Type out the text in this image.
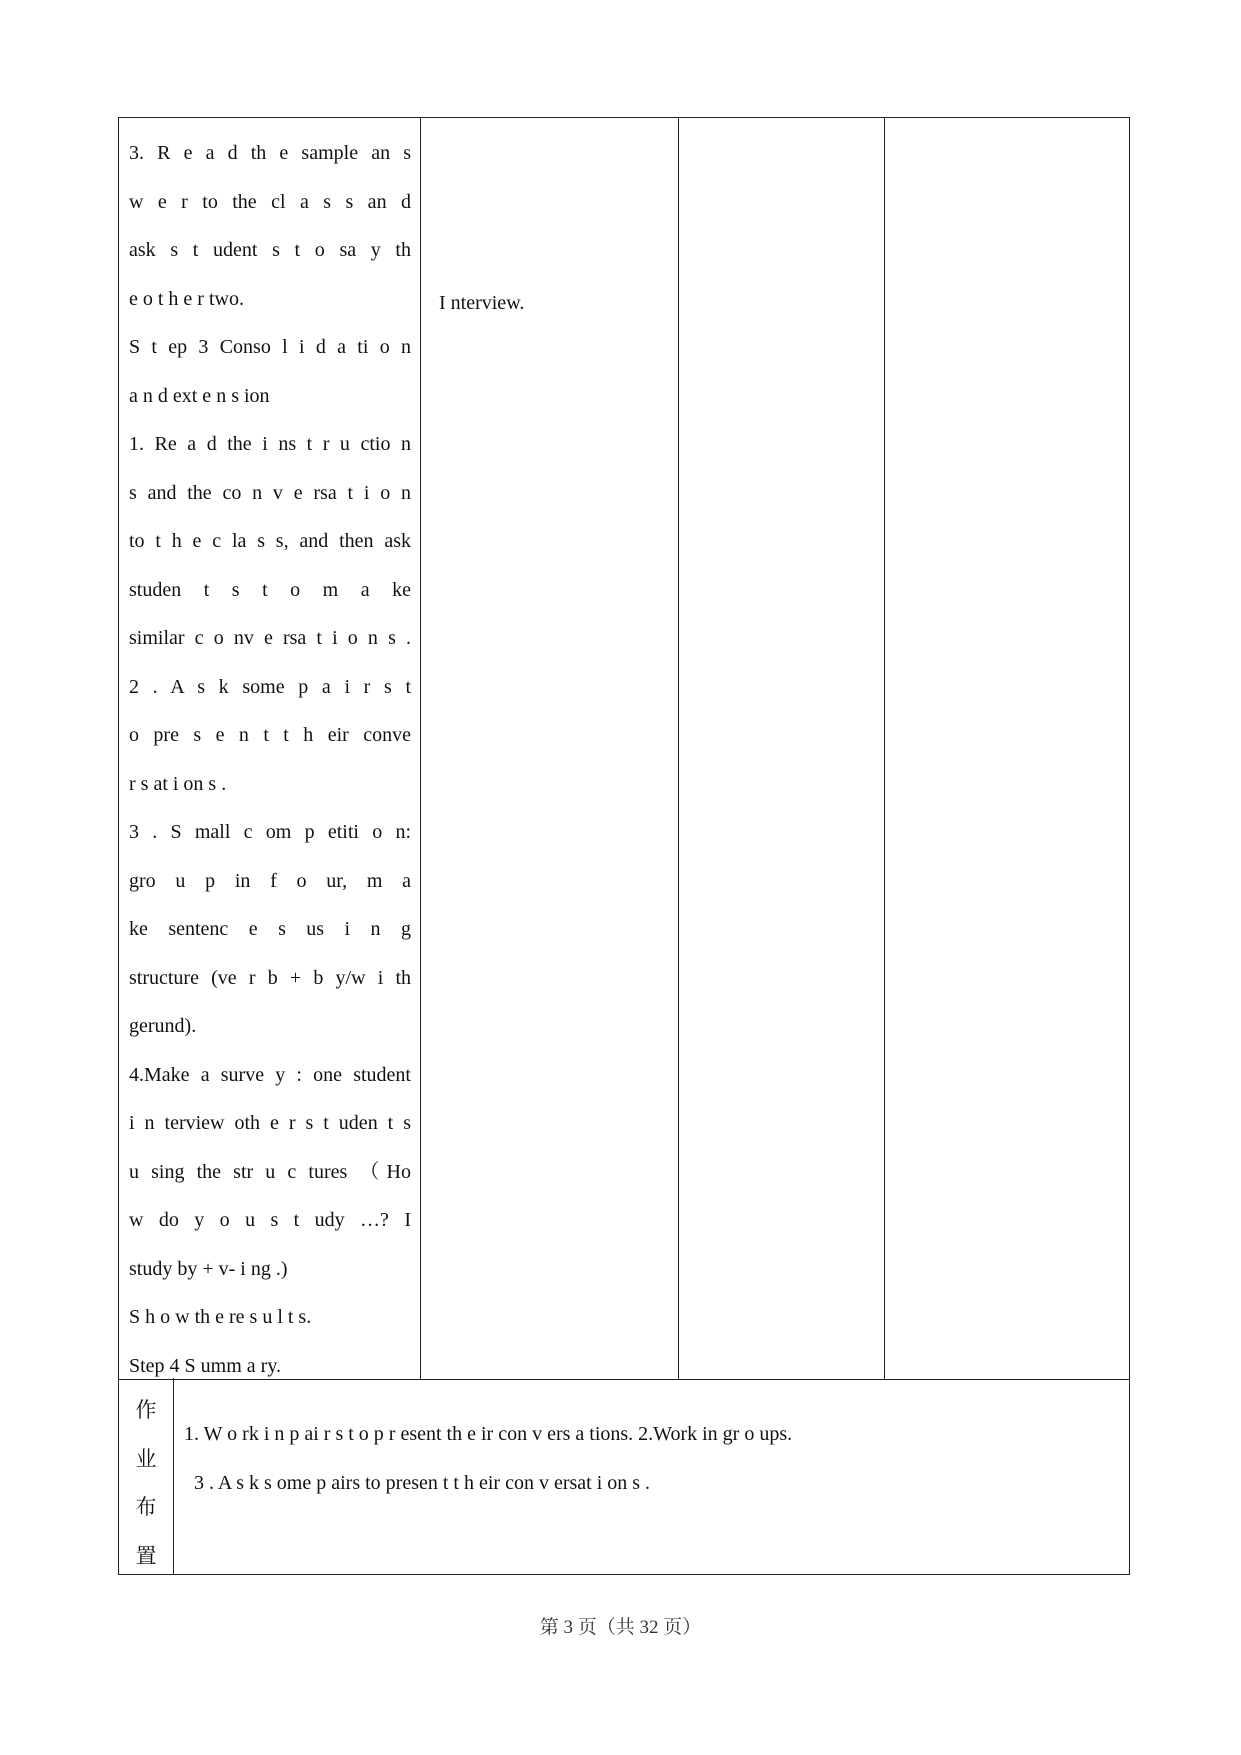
3. R e a d th e sample an s
w e r to the cl a s s an d
ask s t udent s t o sa y th
e o t h e r two.
S t ep 3 Conso l i d a ti o n
a n d ext e n s ion
1. Re a d the i ns t r u ctio n
s and the co n v e rsa t i o n
to t h e c la s s, and then ask
studen t s t o m a ke
similar c o nv e rsa t i o n s .
2 . A s k some p a i r s t
o pre s e n t t h eir conve
r s at i on s .
3 . S mall c om p etiti o n:
gro u p in f o ur, m a
ke sentenc e s us i n g
structure (ve r b + b y/w i th
gerund).
4.Make a surve y : one student
i n terview oth e r s t uden t s
u sing the str u c tures （Ho
w do y o u s t udy …? I
study by + v- i ng .)
S h o w th e re s u l t s.
Step 4 S umm a ry.
I nterview.
作
业
布
置
1. W o rk i n p ai r s t o p r esent th e ir con v ers a tions. 2.Work in gr o ups.
3 . A s k s ome p airs to presen t t h eir con v ersat i on s .
第 3 页（共 32 页）
